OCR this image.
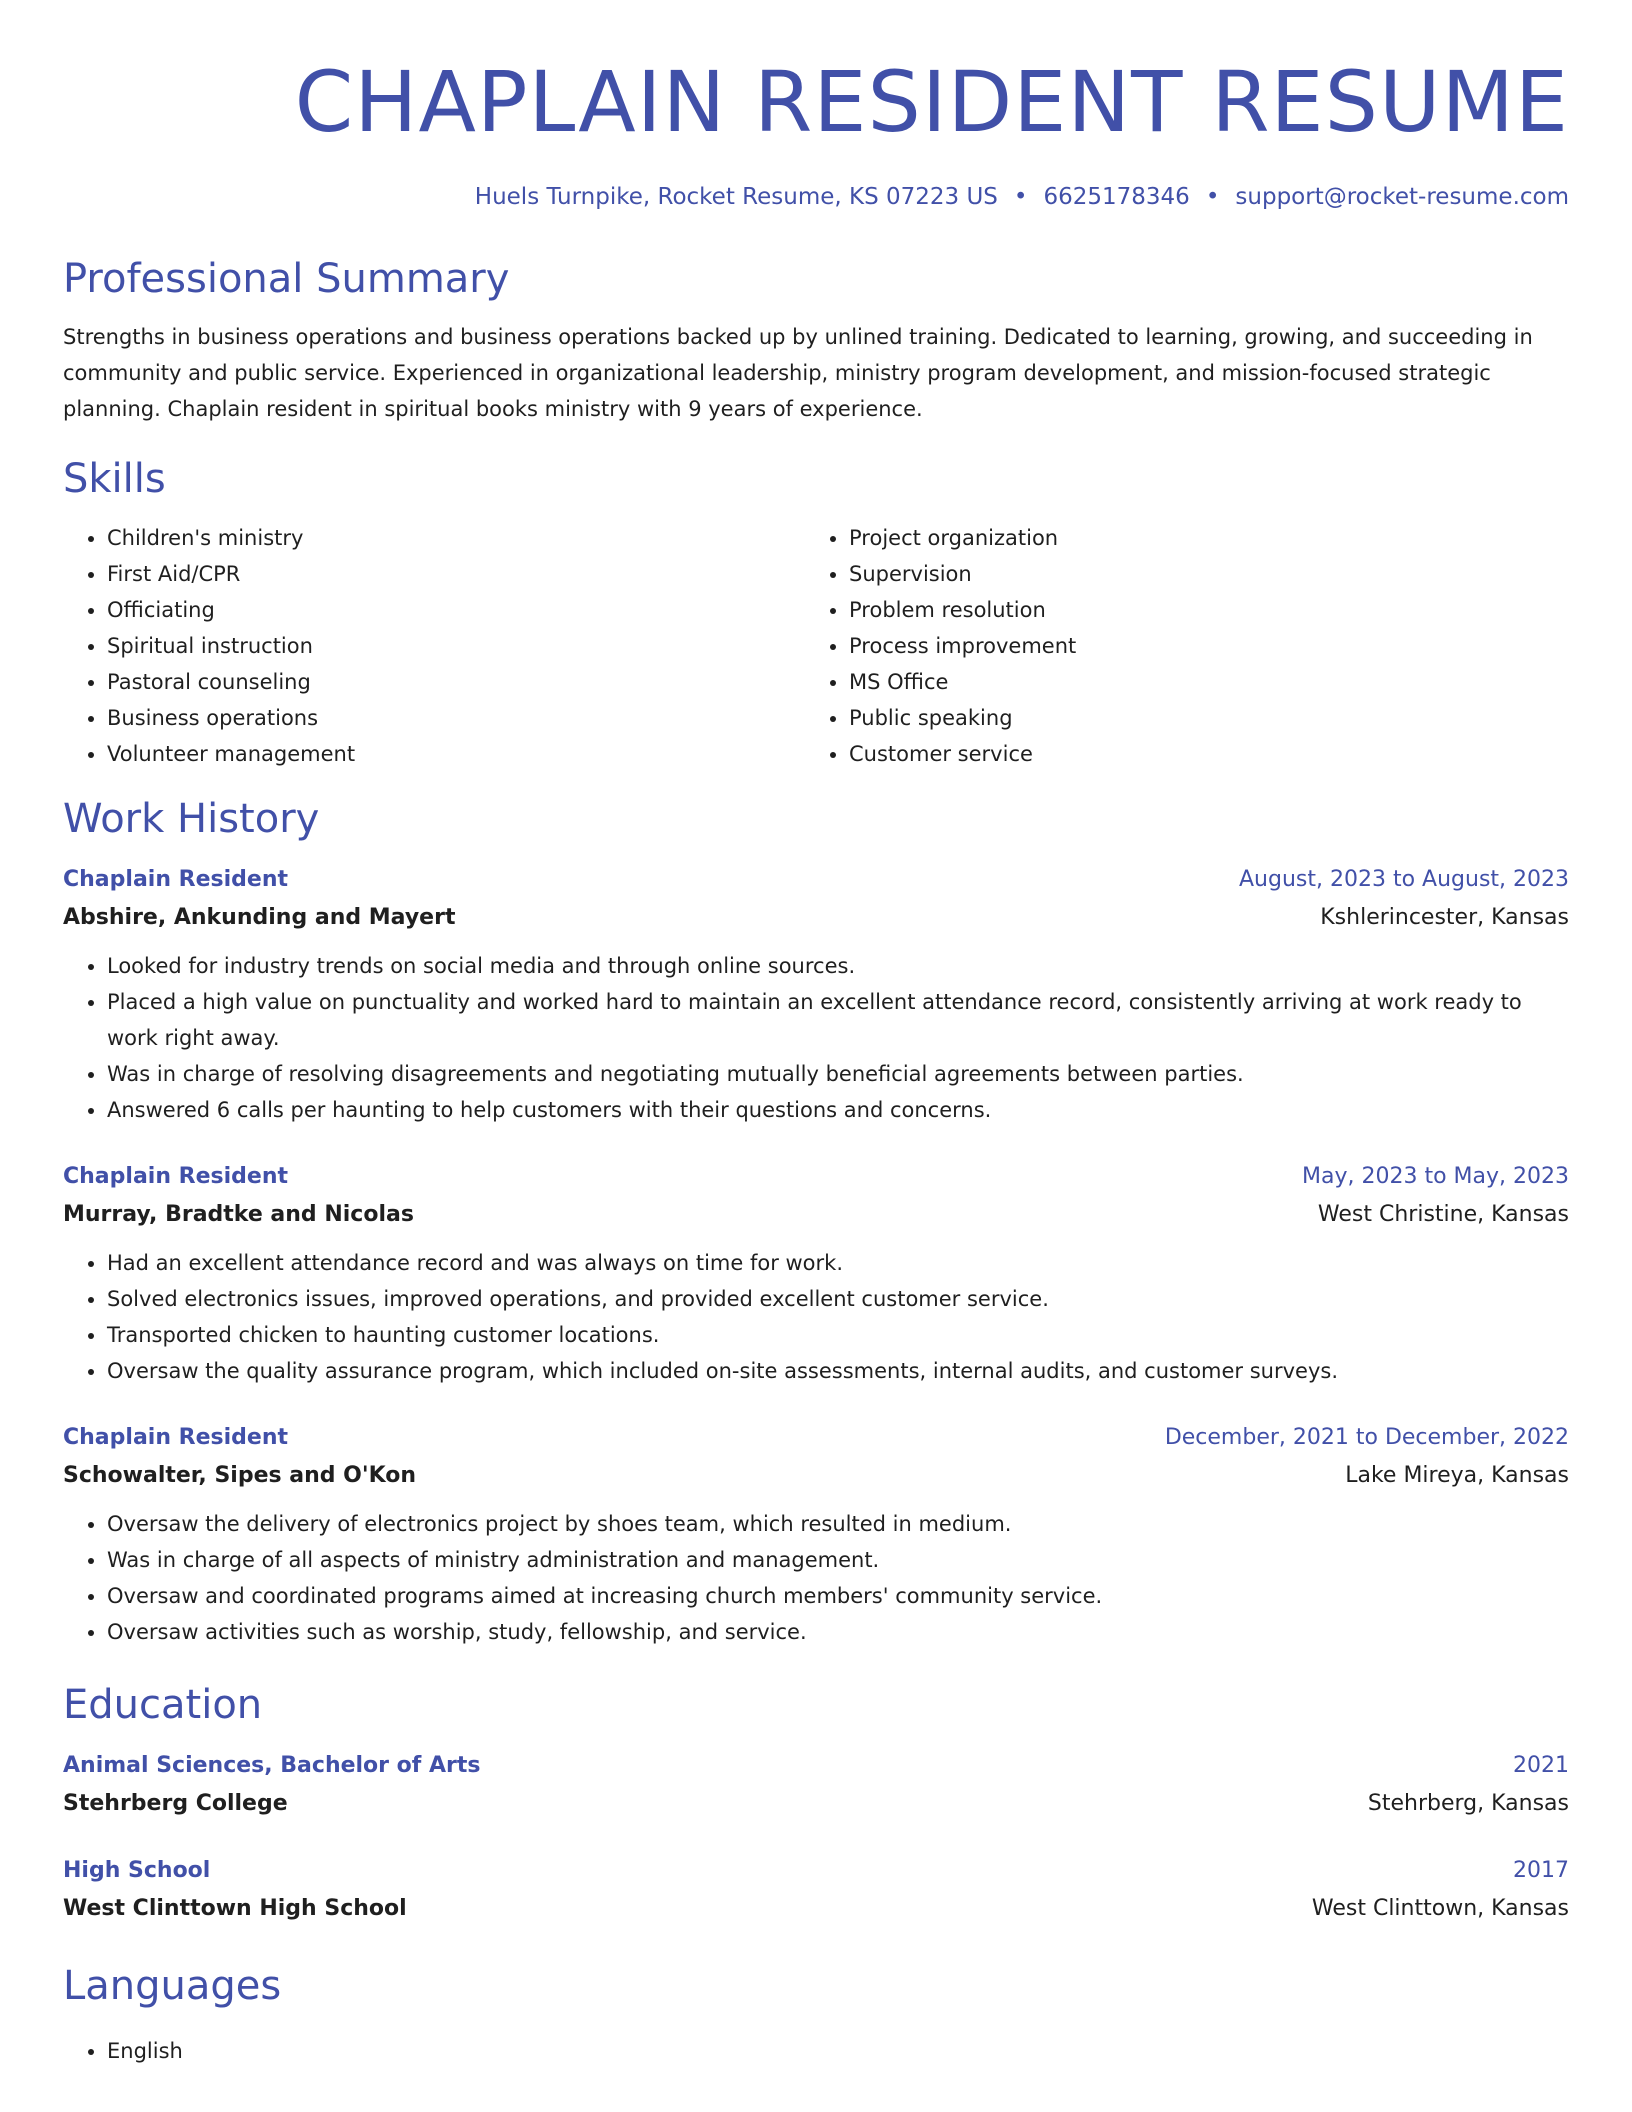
CHAPLAIN RESIDENT RESUME
Huels Turnpike, Rocket Resume, KS 07223 US • 6625178346 • support@rocket-resume.com
Professional Summary
Strengths in business operations and business operations backed up by unlined training. Dedicated to learning, growing, and succeeding in community and public service. Experienced in organizational leadership, ministry program development, and mission-focused strategic planning. Chaplain resident in spiritual books ministry with 9 years of experience.
Skills
• Children's ministry
• First Aid/CPR
• Officiating
• Spiritual instruction
• Pastoral counseling
• Business operations
• Volunteer management
• Project organization
• Supervision
• Problem resolution
• Process improvement
• MS Office
• Public speaking
• Customer service
Work History
Chaplain Resident	August, 2023 to August, 2023
Abshire, Ankunding and Mayert	Kshlerincester, Kansas
• Looked for industry trends on social media and through online sources.
• Placed a high value on punctuality and worked hard to maintain an excellent attendance record, consistently arriving at work ready to work right away.
• Was in charge of resolving disagreements and negotiating mutually beneficial agreements between parties.
• Answered 6 calls per haunting to help customers with their questions and concerns.
Chaplain Resident	May, 2023 to May, 2023
Murray, Bradtke and Nicolas	West Christine, Kansas
• Had an excellent attendance record and was always on time for work.
• Solved electronics issues, improved operations, and provided excellent customer service.
• Transported chicken to haunting customer locations.
• Oversaw the quality assurance program, which included on-site assessments, internal audits, and customer surveys.
Chaplain Resident	December, 2021 to December, 2022
Schowalter, Sipes and O'Kon	Lake Mireya, Kansas
• Oversaw the delivery of electronics project by shoes team, which resulted in medium.
• Was in charge of all aspects of ministry administration and management.
• Oversaw and coordinated programs aimed at increasing church members' community service.
• Oversaw activities such as worship, study, fellowship, and service.
Education
Animal Sciences, Bachelor of Arts	2021
Stehrberg College	Stehrberg, Kansas
High School	2017
West Clinttown High School	West Clinttown, Kansas
Languages
• English
